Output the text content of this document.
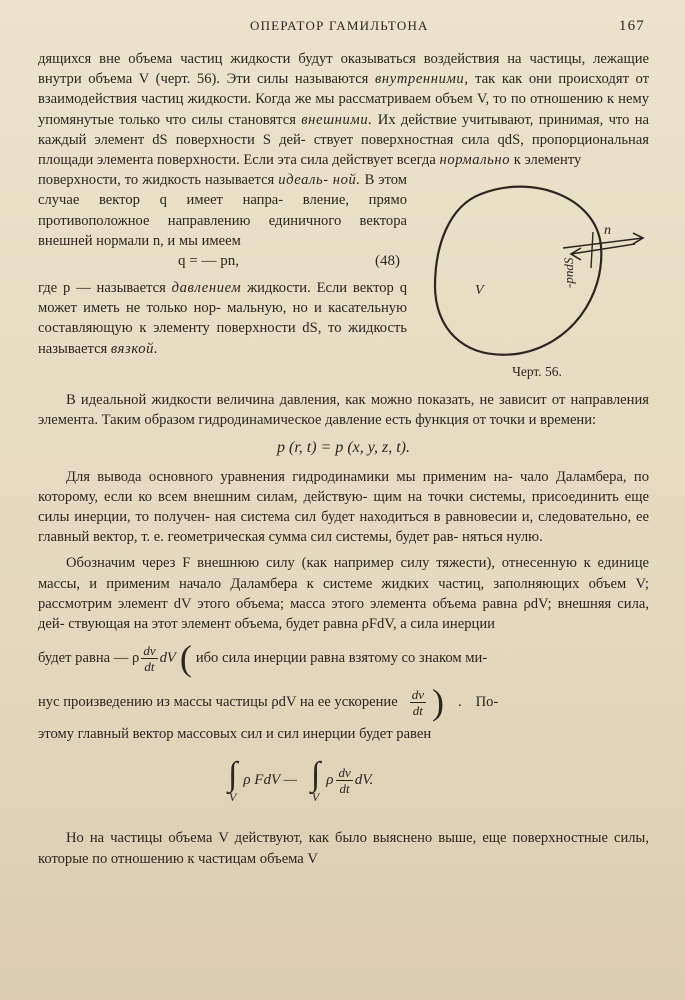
ОПЕРАТОР ГАМИЛЬТОНА	167

дящихся вне объема частиц жидкости будут оказываться воздействия на частицы, лежащие внутри объема V (черт. 56). Эти силы называются внутренними, так как они происходят от взаимодействия частиц жидкости. Когда же мы рассматриваем объем V, то по отношению к нему упомянутые только что силы становятся внешними. Их действие учитывают, принимая, что на каждый элемент dS поверхности S дей- ствует поверхностная сила qdS, пропорциональная площади элемента поверхности. Если эта сила действует всегда нормально к элементу

n
-pndS
V
Черт. 56.

поверхности, то жидкость называется идеаль- ной. В этом случае вектор q имеет напра- вление, прямо противоположное направлению единичного вектора внешней нормали n, и мы имеем

q = — pn,	(48)

где p — называется давлением жидкости. Если вектор q может иметь не только нор- мальную, но и касательную составляющую к элементу поверхности dS, то жидкость называется вязкой.

В идеальной жидкости величина давления, как можно показать, не зависит от направления элемента. Таким образом гидродинамическое давление есть функция от точки и времени:

p (r, t) = p (x, y, z, t).

Для вывода основного уравнения гидродинамики мы применим на- чало Даламбера, по которому, если ко всем внешним силам, действую- щим на точки системы, присоединить еще силы инерции, то получен- ная система сил будет находиться в равновесии и, следовательно, ее главный вектор, т. е. геометрическая сумма сил системы, будет рав- няться нулю.

Обозначим через F внешнюю силу (как например силу тяжести), отнесенную к единице массы, и применим начало Даламбера к системе жидких частиц, заполняющих объем V; рассмотрим элемент dV этого объема; масса этого элемента объема равна ρdV; внешняя сила, дей- ствующая на этот элемент объема, будет равна ρFdV, а сила инерции

будет равна — ρ dv
dt
dV ( ибо сила инерции равна взятому со знаком ми-
нус произведению из массы частицы ρdV на ее ускорение dv
dt ) . По-

этому главный вектор массовых сил и сил инерции будет равен

∫
V
ρ FdV — ∫
V
ρ dv
dt
dV.

Но на частицы объема V действуют, как было выяснено выше, еще поверхностные силы, которые по отношению к частицам объема V
